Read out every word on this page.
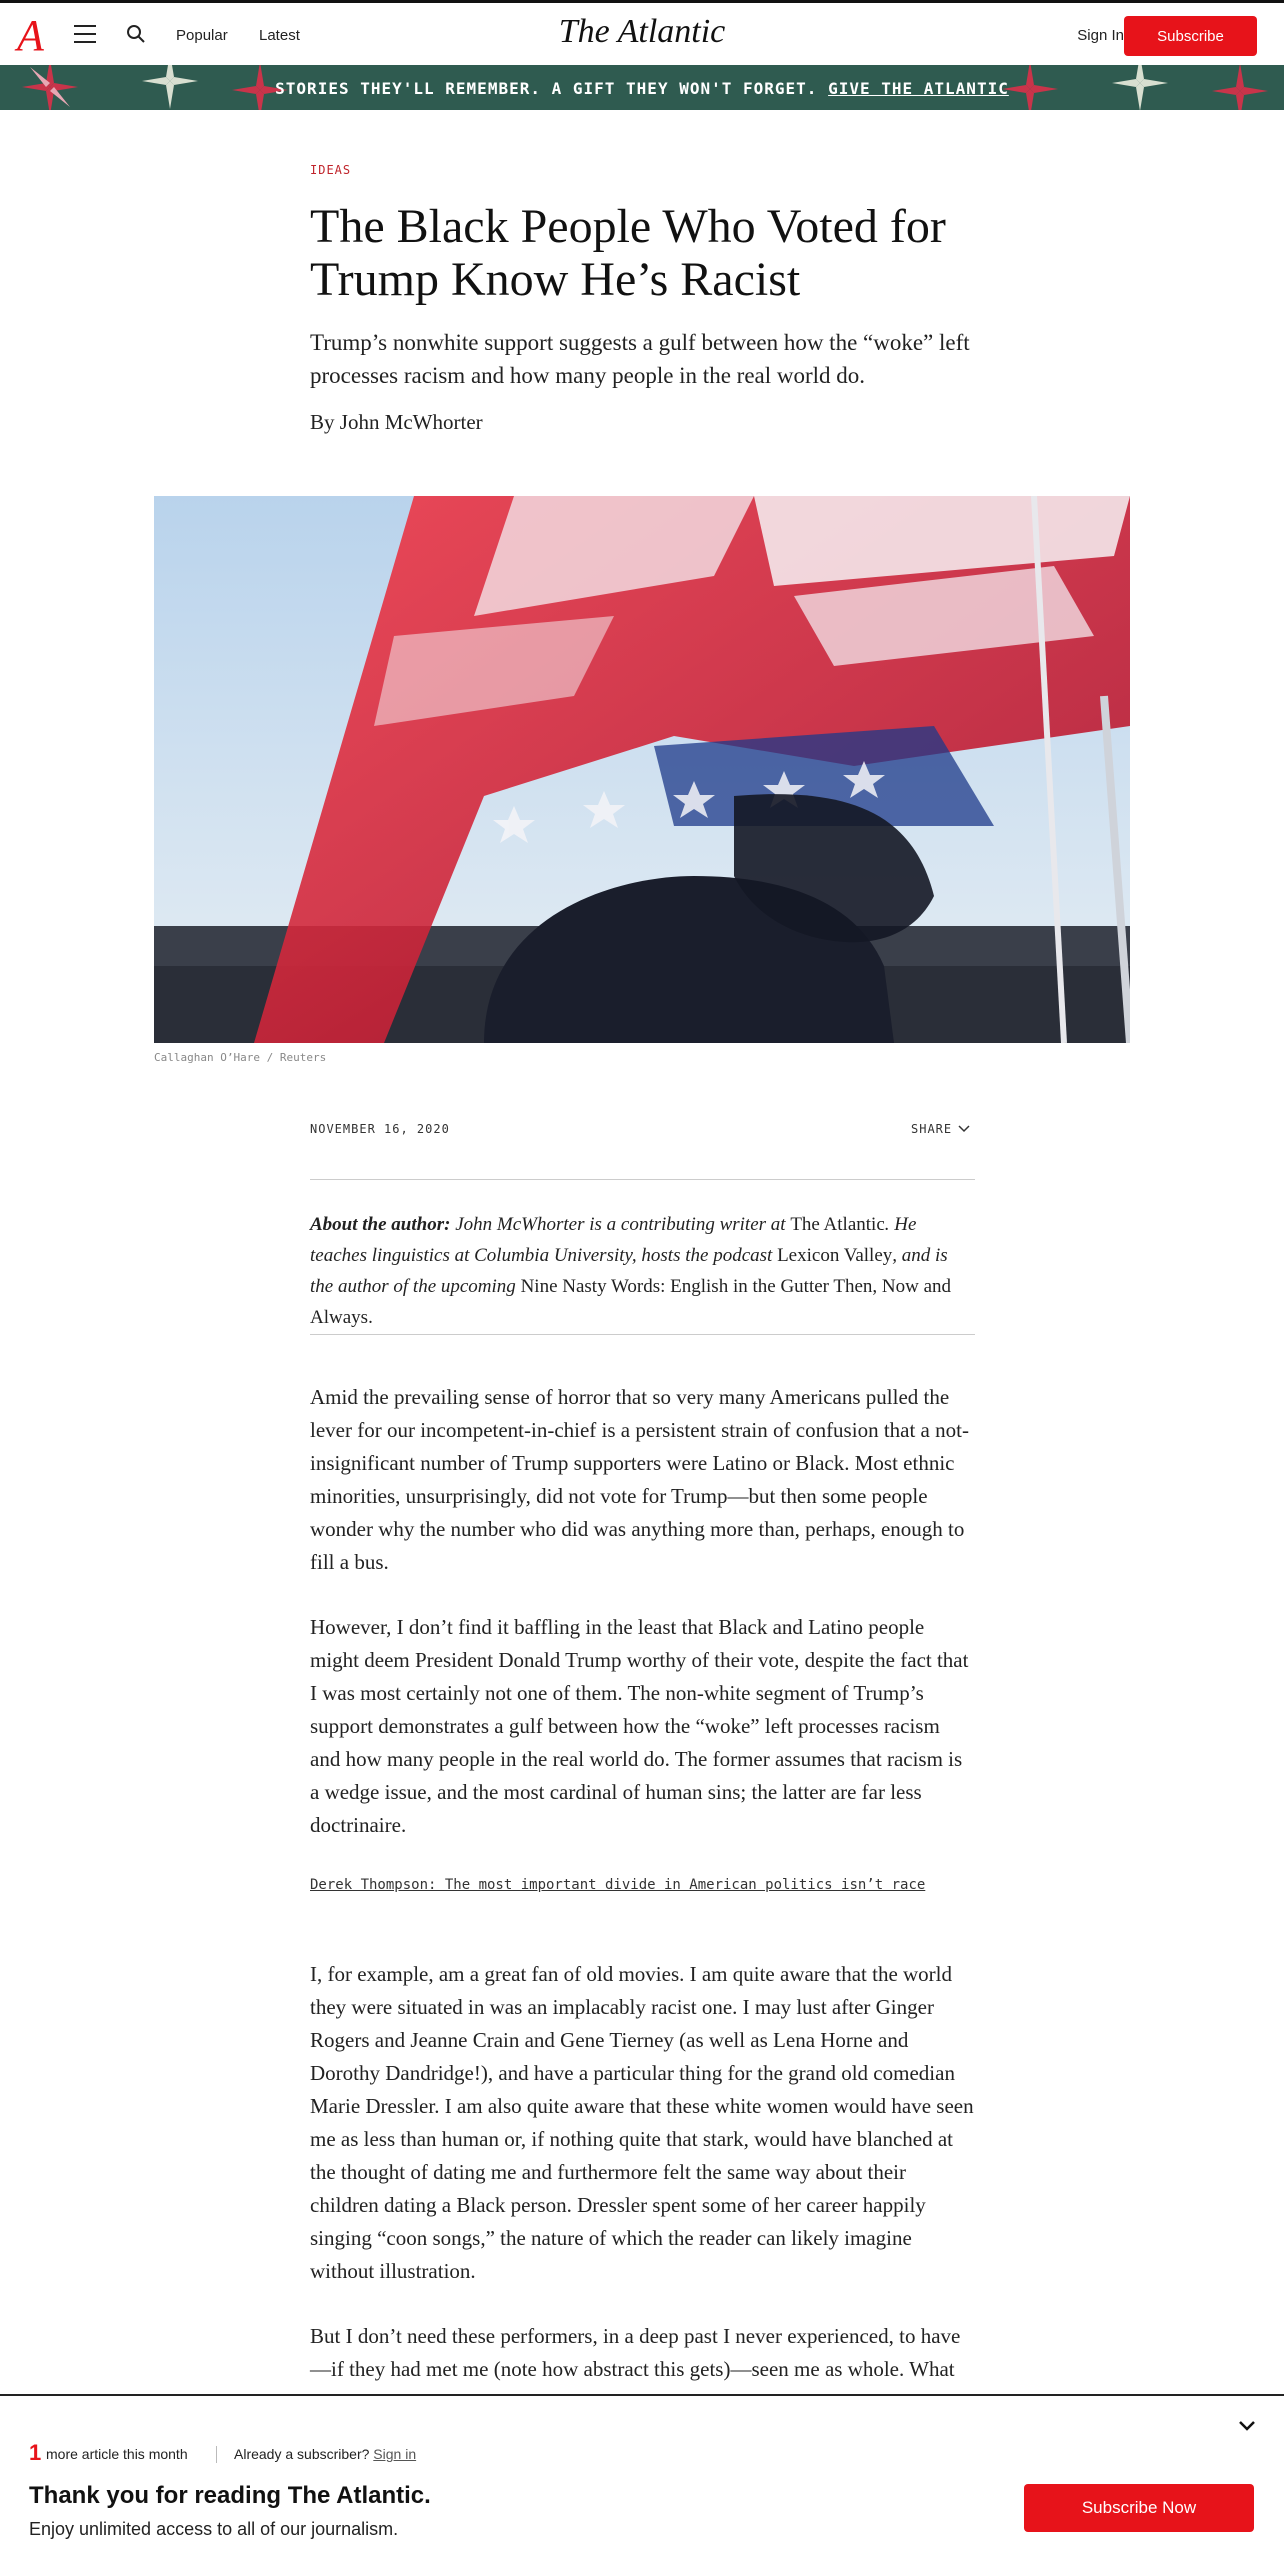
A	Popular Latest	The Atlantic	Sign In	Subscribe
STORIES THEY'LL REMEMBER. A GIFT THEY WON'T FORGET. GIVE THE ATLANTIC
IDEAS
The Black People Who Voted for Trump Know He’s Racist

Trump’s nonwhite support suggests a gulf between how the “woke” left processes racism and how many people in the real world do.

By John McWhorter
Callaghan O’Hare / Reuters
NOVEMBER 16, 2020	SHARE
About the author: John McWhorter is a contributing writer at The Atlantic. He teaches linguistics at Columbia University, hosts the podcast Lexicon Valley, and is the author of the upcoming Nine Nasty Words: English in the Gutter Then, Now and Always.

Amid the prevailing sense of horror that so very many Americans pulled the lever for our incompetent-in-chief is a persistent strain of confusion that a not-insignificant number of Trump supporters were Latino or Black. Most ethnic minorities, unsurprisingly, did not vote for Trump—but then some people wonder why the number who did was anything more than, perhaps, enough to fill a bus.

However, I don’t find it baffling in the least that Black and Latino people might deem President Donald Trump worthy of their vote, despite the fact that I was most certainly not one of them. The non-white segment of Trump’s support demonstrates a gulf between how the “woke” left processes racism and how many people in the real world do. The former assumes that racism is a wedge issue, and the most cardinal of human sins; the latter are far less doctrinaire.

Derek Thompson: The most important divide in American politics isn’t race

I, for example, am a great fan of old movies. I am quite aware that the world they were situated in was an implacably racist one. I may lust after Ginger Rogers and Jeanne Crain and Gene Tierney (as well as Lena Horne and Dorothy Dandridge!), and have a particular thing for the grand old comedian Marie Dressler. I am also quite aware that these white women would have seen me as less than human or, if nothing quite that stark, would have blanched at the thought of dating me and furthermore felt the same way about their children dating a Black person. Dressler spent some of her career happily singing “coon songs,” the nature of which the reader can likely imagine without illustration.

But I don’t need these performers, in a deep past I never experienced, to have—if they had met me (note how abstract this gets)—seen me as whole. What

1 more article this month	Already a subscriber? Sign in
Thank you for reading The Atlantic.
Enjoy unlimited access to all of our journalism.
Subscribe Now
